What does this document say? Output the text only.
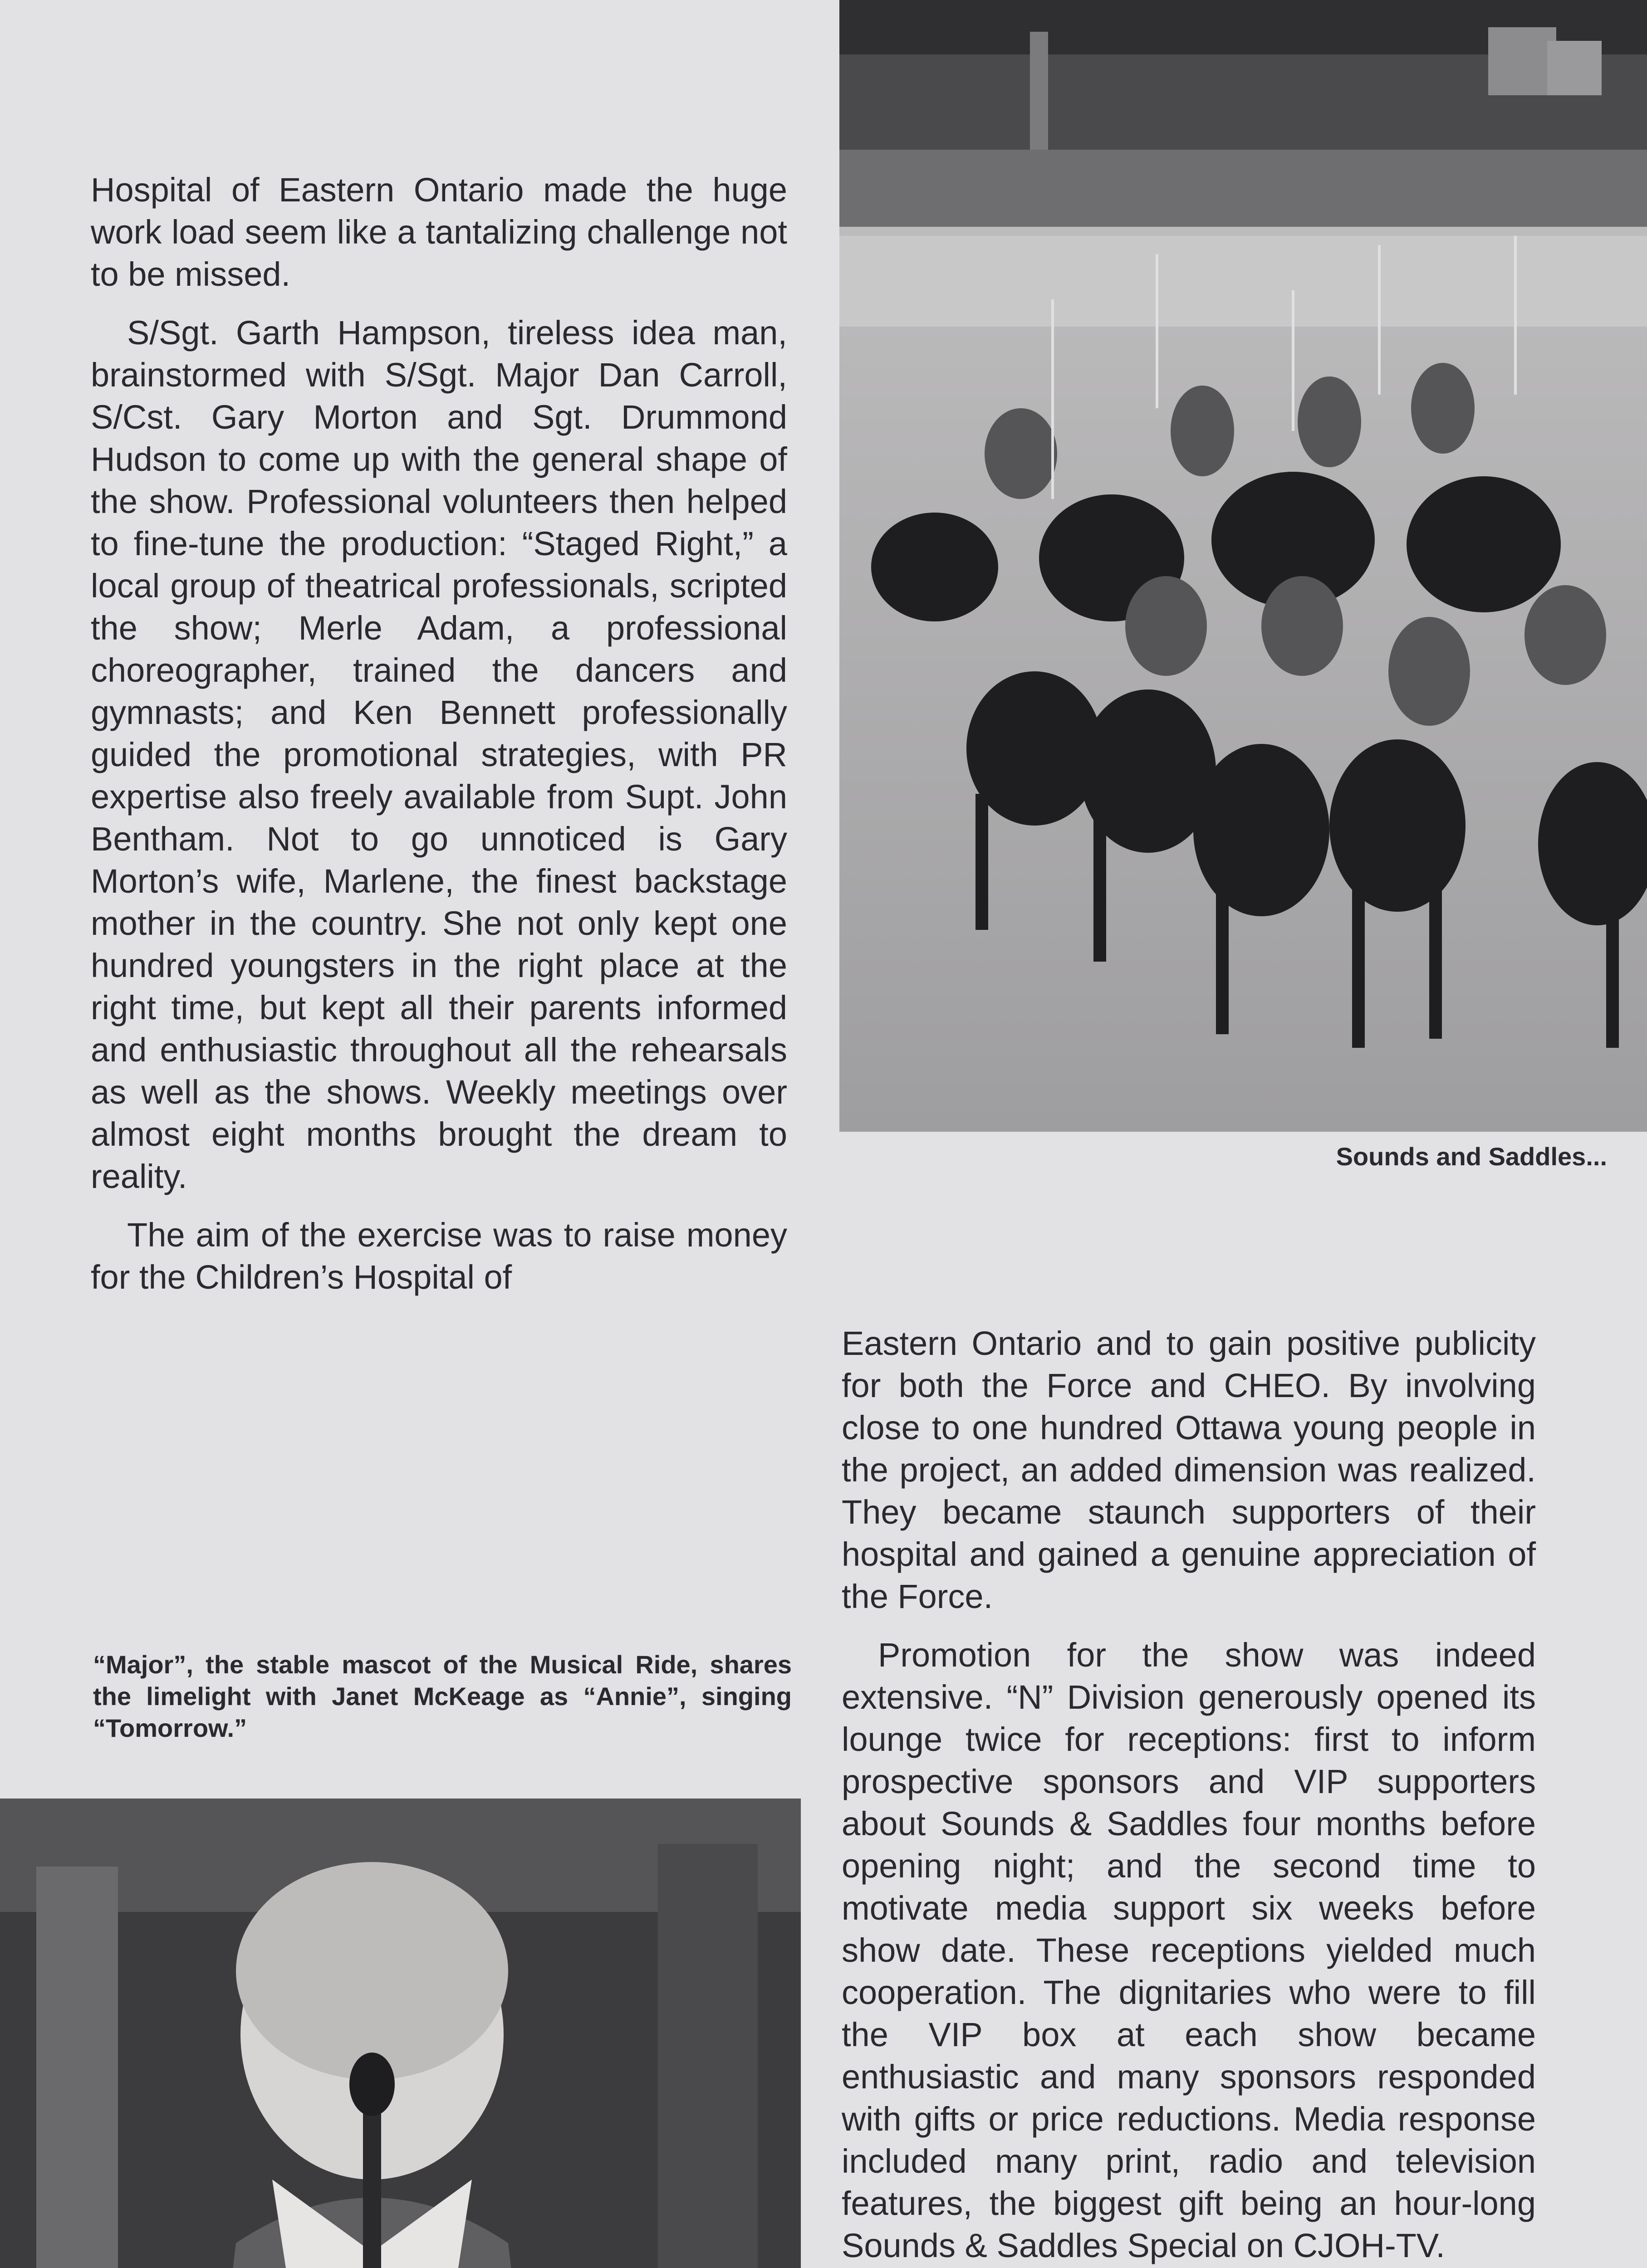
Hospital of Eastern Ontario made the huge work load seem like a tantalizing challenge not to be missed.

S/Sgt. Garth Hampson, tireless idea man, brainstormed with S/Sgt. Major Dan Carroll, S/Cst. Gary Morton and Sgt. Drummond Hudson to come up with the general shape of the show. Professional volunteers then helped to fine-tune the production: “Staged Right,” a local group of theatrical professionals, scripted the show; Merle Adam, a professional choreographer, trained the dancers and gymnasts; and Ken Bennett professionally guided the promotional strategies, with PR expertise also freely available from Supt. John Bentham. Not to go unnoticed is Gary Morton’s wife, Marlene, the finest backstage mother in the country. She not only kept one hundred youngsters in the right place at the right time, but kept all their parents informed and enthusiastic throughout all the rehearsals as well as the shows. Weekly meetings over almost eight months brought the dream to reality.

The aim of the exercise was to raise money for the Children’s Hospital of

Sounds and Saddles...
“Major”, the stable mascot of the Musical Ride, shares the limelight with Janet McKeage as “Annie”, singing “Tomorrow.”

Eastern Ontario and to gain positive publicity for both the Force and CHEO. By involving close to one hundred Ottawa young people in the project, an added dimension was realized. They became staunch supporters of their hospital and gained a genuine appreciation of the Force.

Promotion for the show was indeed extensive. “N” Division generously opened its lounge twice for receptions: first to inform prospective sponsors and VIP supporters about Sounds & Saddles four months before opening night; and the second time to motivate media support six weeks before show date. These receptions yielded much cooperation. The dignitaries who were to fill the VIP box at each show became enthusiastic and many sponsors responded with gifts or price reductions. Media response included many print, radio and television features, the biggest gift being an hour-long Sounds & Saddles Special on CJOH-TV.
